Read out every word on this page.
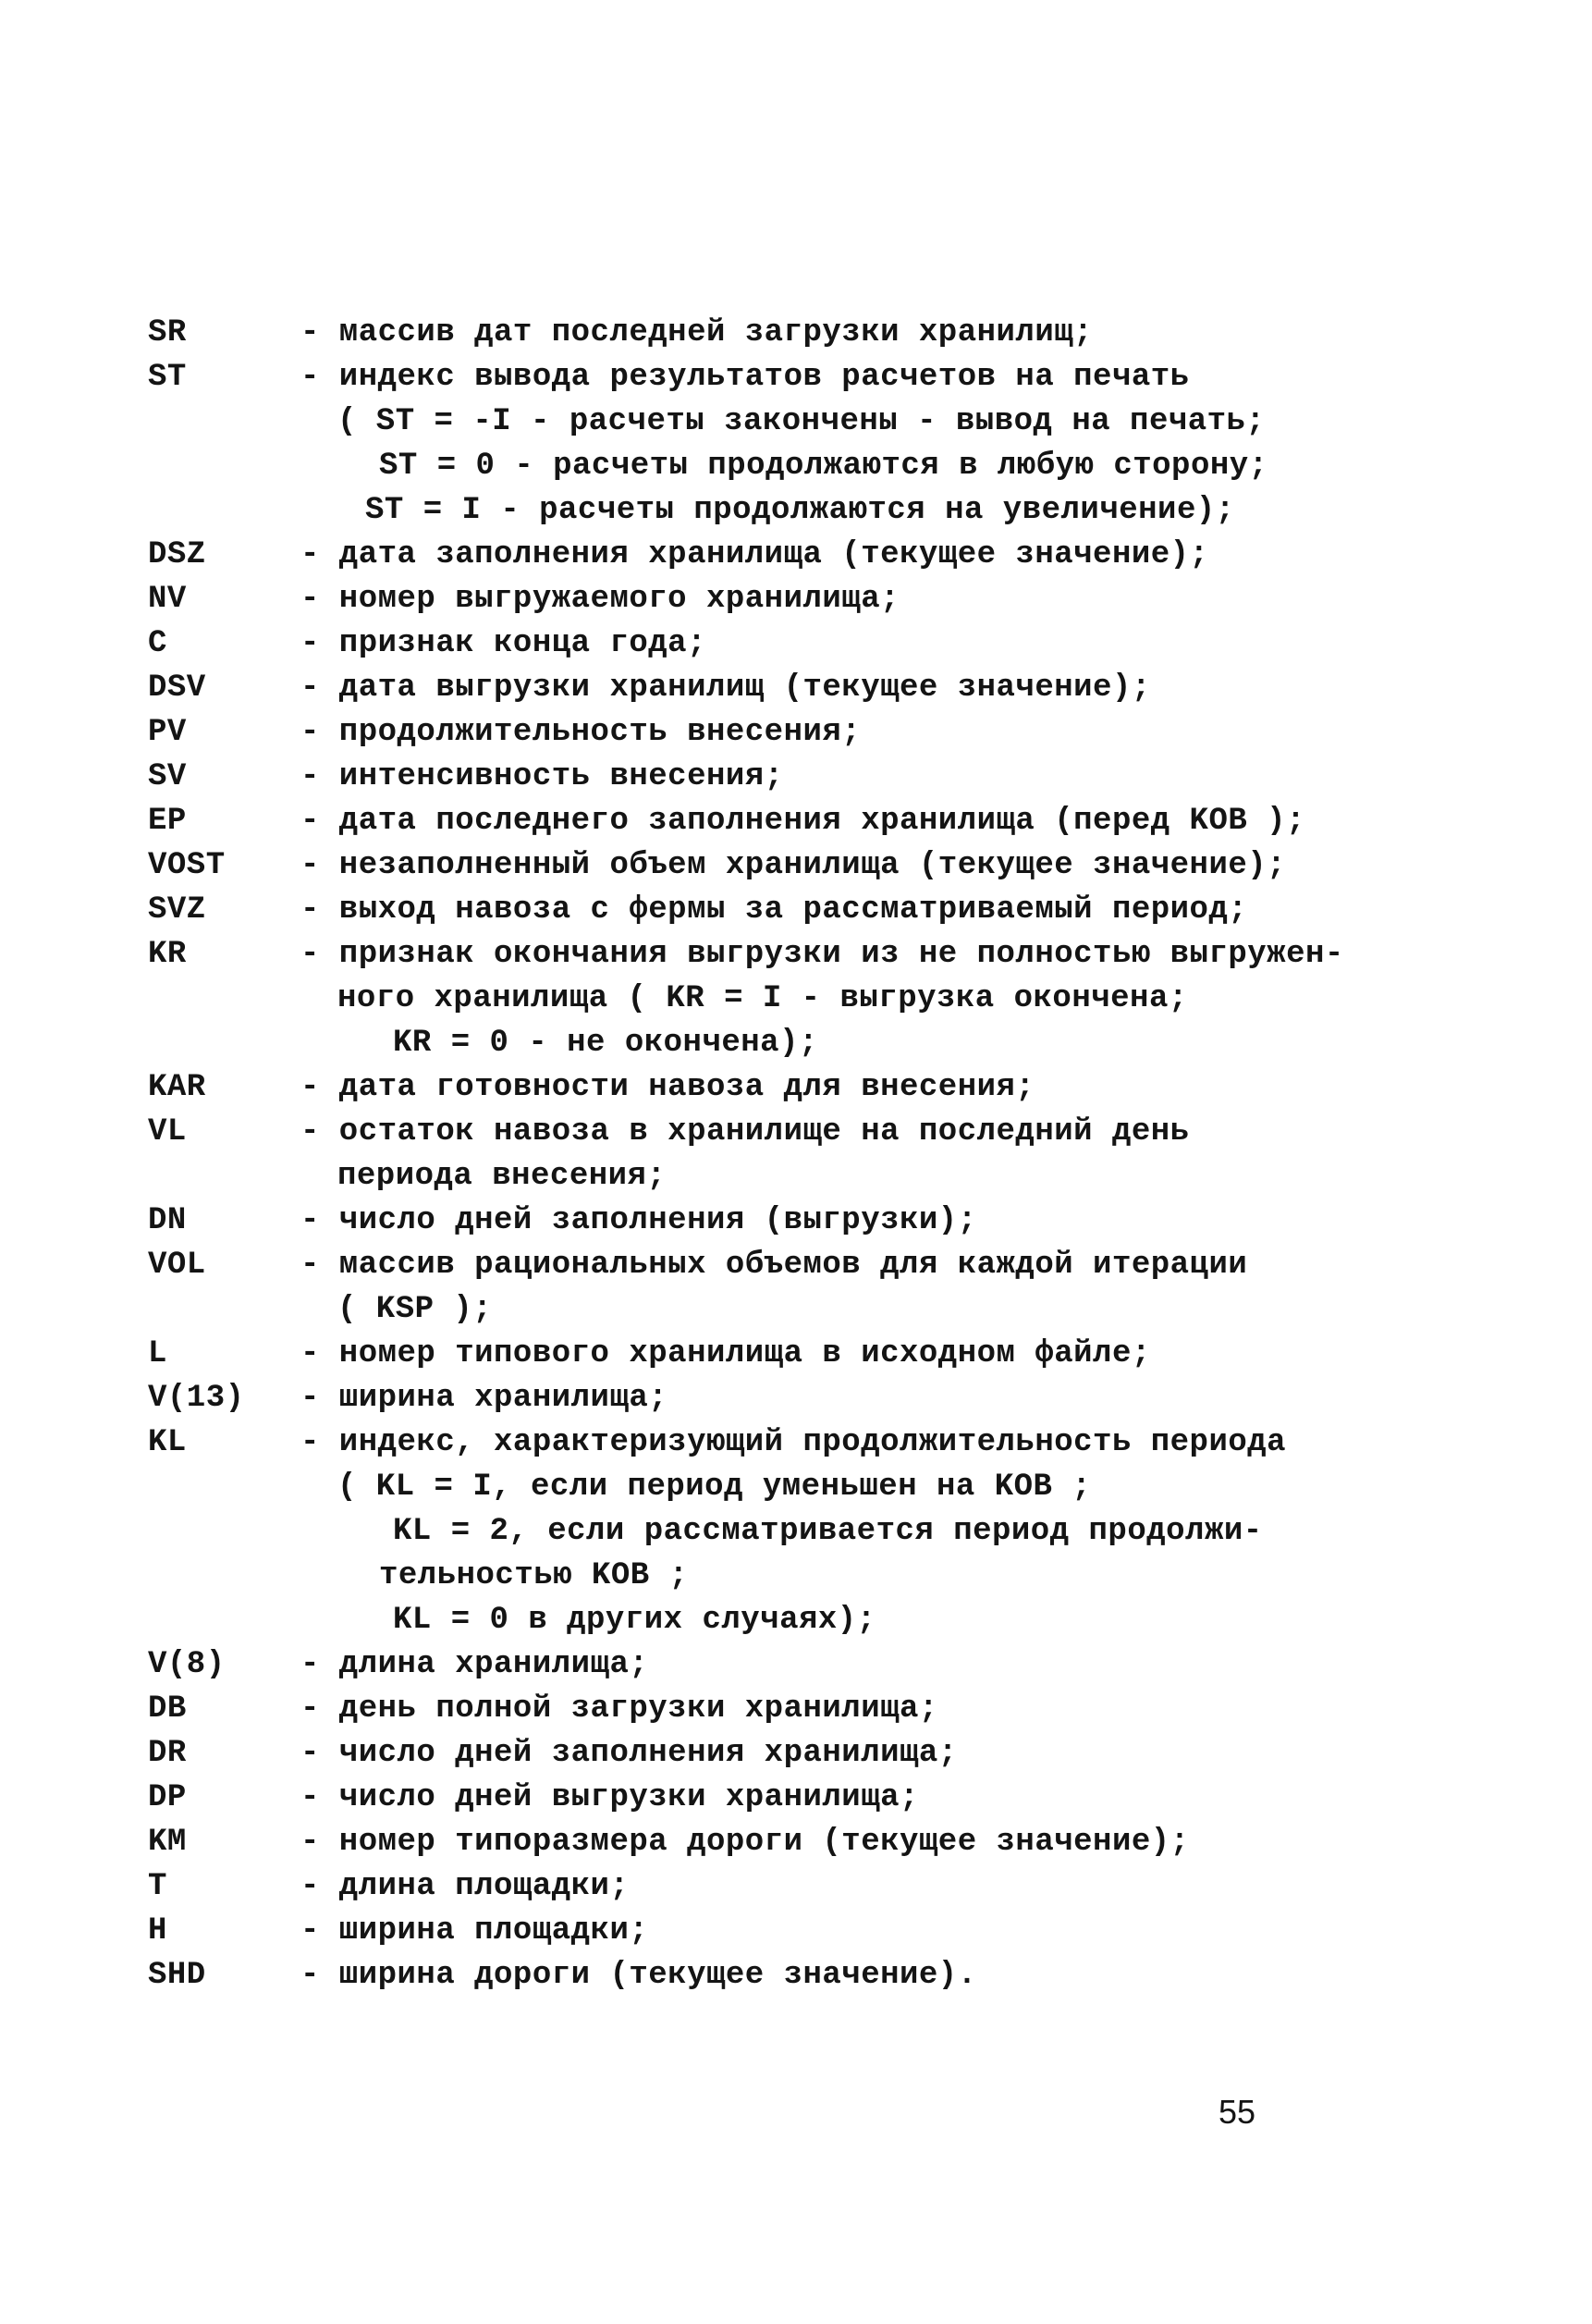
SR	- массив дат последней загрузки хранилищ;
ST	- индекс вывода результатов расчетов на печать
( ST = -I - расчеты закончены - вывод на печать;
ST = 0 - расчеты продолжаются в любую сторону;
ST = I - расчеты продолжаются на увеличение);
DSZ	- дата заполнения хранилища (текущее значение);
NV	- номер выгружаемого хранилища;
C	- признак конца года;
DSV	- дата выгрузки хранилищ (текущее значение);
PV	- продолжительность внесения;
SV	- интенсивность внесения;
EP	- дата последнего заполнения хранилища (перед KOB );
VOST	- незаполненный объем хранилища (текущее значение);
SVZ	- выход навоза с фермы за рассматриваемый период;
KR	- признак окончания выгрузки из не полностью выгружен-
ного хранилища ( KR = I - выгрузка окончена;
KR = 0 - не окончена);
KAR	- дата готовности навоза для внесения;
VL	- остаток навоза в хранилище на последний день
периода внесения;
DN	- число дней заполнения (выгрузки);
VOL	- массив рациональных объемов для каждой итерации
( KSP );
L	- номер типового хранилища в исходном файле;
V(13)	- ширина хранилища;
KL	- индекс, характеризующий продолжительность периода
( KL = I, если период уменьшен на KOB ;
KL = 2, если рассматривается период продолжи-
тельностью KOB ;
KL = 0 в других случаях);
V(8)	- длина хранилища;
DB	- день полной загрузки хранилища;
DR	- число дней заполнения хранилища;
DP	- число дней выгрузки хранилища;
KM	- номер типоразмера дороги (текущее значение);
T	- длина площадки;
H	- ширина площадки;
SHD	- ширина дороги (текущее значение).
55
